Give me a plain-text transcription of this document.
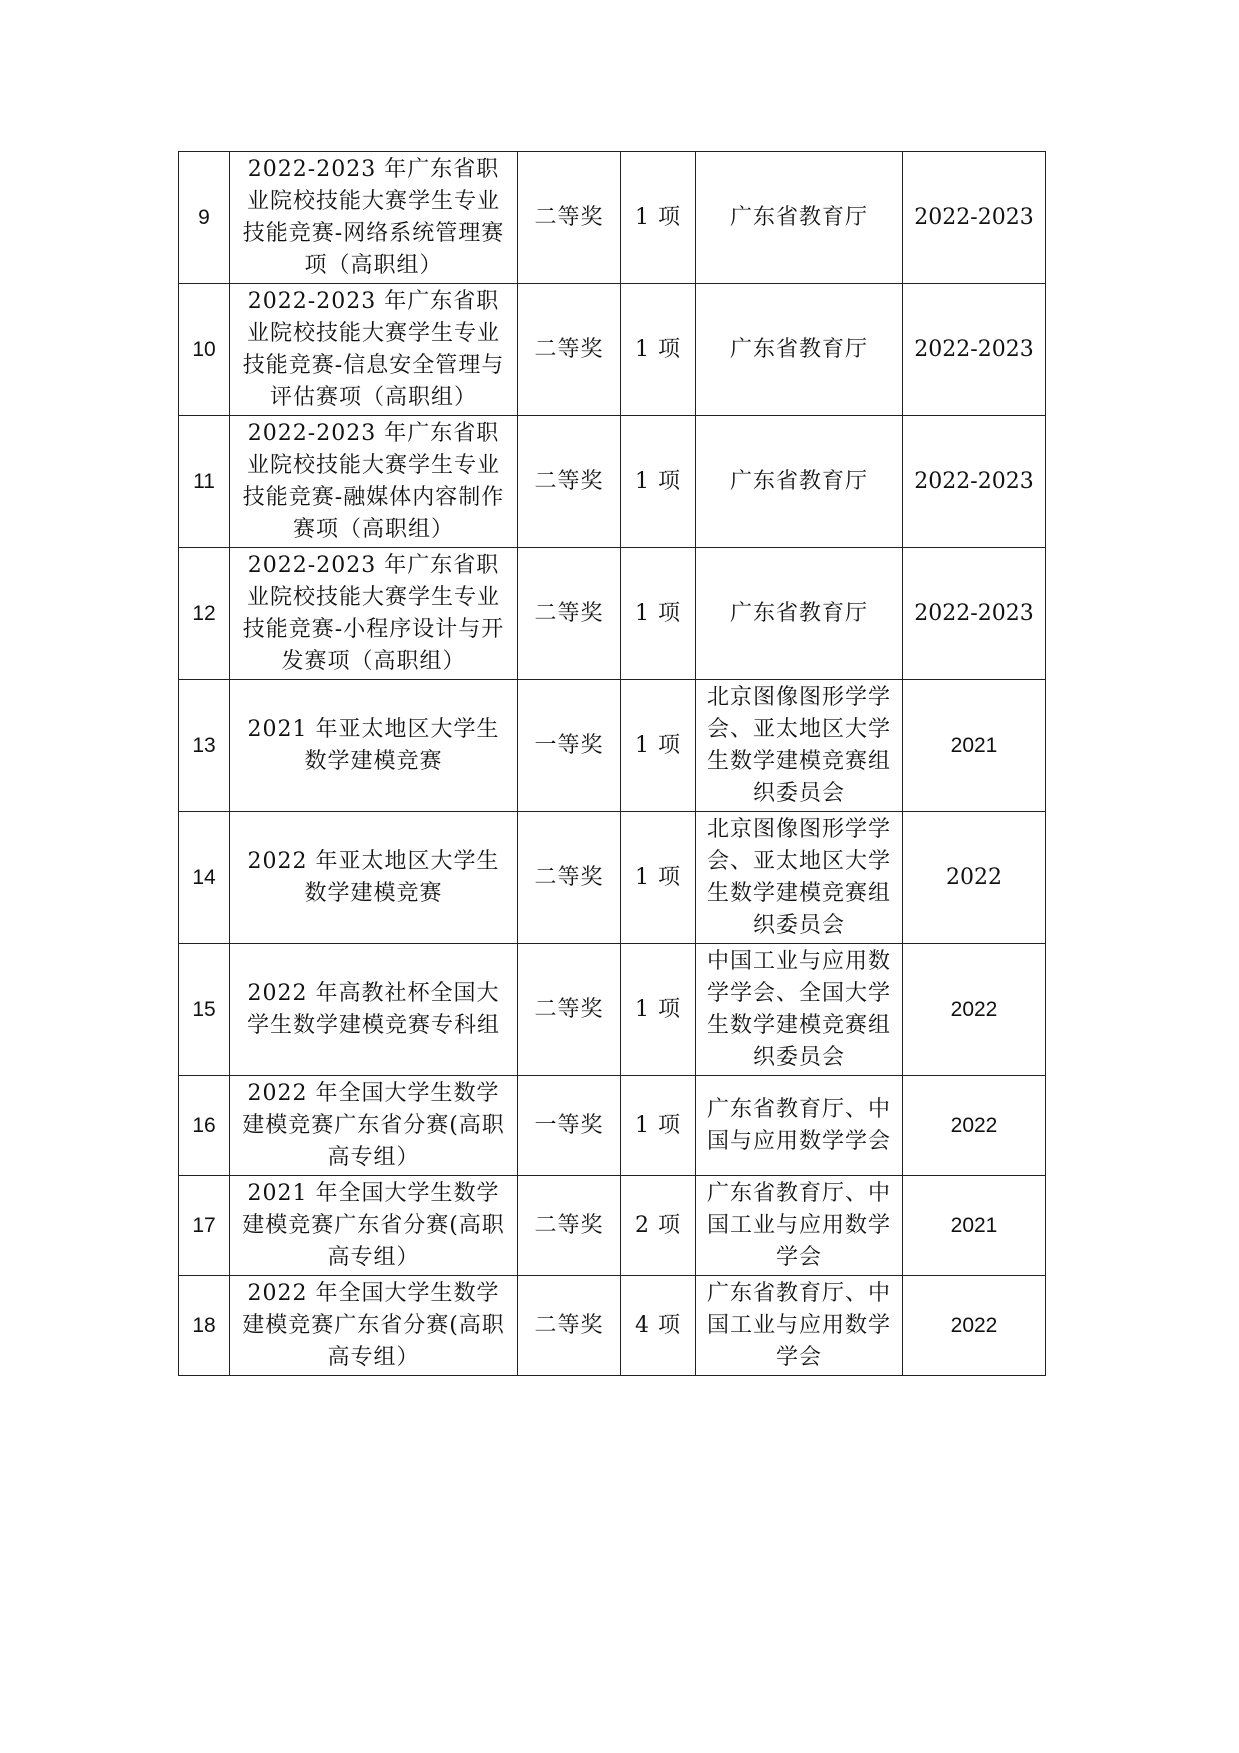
9	2022-2023 年广东省职业院校技能大赛学生专业技能竞赛-网络系统管理赛项（高职组）	二等奖	1 项	广东省教育厅	2022-2023
10	2022-2023 年广东省职业院校技能大赛学生专业技能竞赛-信息安全管理与评估赛项（高职组）	二等奖	1 项	广东省教育厅	2022-2023
11	2022-2023 年广东省职业院校技能大赛学生专业技能竞赛-融媒体内容制作赛项（高职组）	二等奖	1 项	广东省教育厅	2022-2023
12	2022-2023 年广东省职业院校技能大赛学生专业技能竞赛-小程序设计与开发赛项（高职组）	二等奖	1 项	广东省教育厅	2022-2023
13	2021 年亚太地区大学生数学建模竞赛	一等奖	1 项	北京图像图形学学会、亚太地区大学生数学建模竞赛组织委员会	2021
14	2022 年亚太地区大学生数学建模竞赛	二等奖	1 项	北京图像图形学学会、亚太地区大学生数学建模竞赛组织委员会	2022
15	2022 年高教社杯全国大学生数学建模竞赛专科组	二等奖	1 项	中国工业与应用数学学会、全国大学生数学建模竞赛组织委员会	2022
16	2022 年全国大学生数学建模竞赛广东省分赛(高职高专组）	一等奖	1 项	广东省教育厅、中国与应用数学学会	2022
17	2021 年全国大学生数学建模竞赛广东省分赛(高职高专组）	二等奖	2 项	广东省教育厅、中国工业与应用数学学会	2021
18	2022 年全国大学生数学建模竞赛广东省分赛(高职高专组）	二等奖	4 项	广东省教育厅、中国工业与应用数学学会	2022
